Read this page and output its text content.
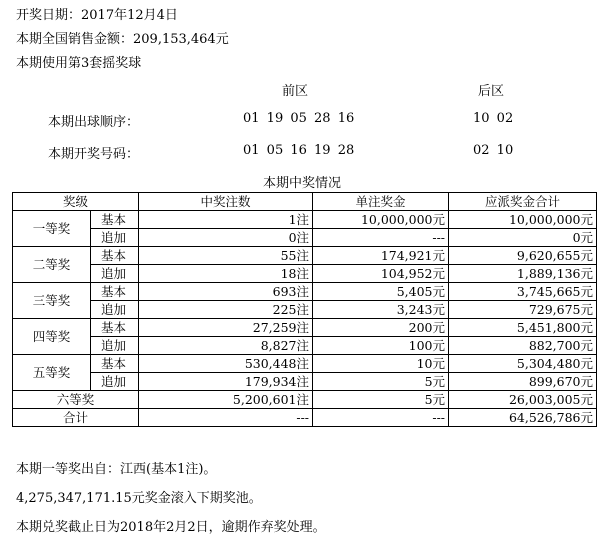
开奖日期：2017年12月4日
本期全国销售金额：209,153,464元
本期使用第3套摇奖球
前区	后区
本期出球顺序：	01 19 05 28 16	10 02
本期开奖号码：	01 05 16 19 28	02 10
本期中奖情况
奖级		中奖注数	单注奖金	应派奖金合计
一等奖	基本	1注	10,000,000元	10,000,000元
	追加	0注	---	0元
二等奖	基本	55注	174,921元	9,620,655元
	追加	18注	104,952元	1,889,136元
三等奖	基本	693注	5,405元	3,745,665元
	追加	225注	3,243元	729,675元
四等奖	基本	27,259注	200元	5,451,800元
	追加	8,827注	100元	882,700元
五等奖	基本	530,448注	10元	5,304,480元
	追加	179,934注	5元	899,670元
六等奖		5,200,601注	5元	26,003,005元
合计		---	---	64,526,786元
本期一等奖出自：江西(基本1注)。
4,275,347,171.15元奖金滚入下期奖池。
本期兑奖截止日为2018年2月2日，逾期作弃奖处理。
